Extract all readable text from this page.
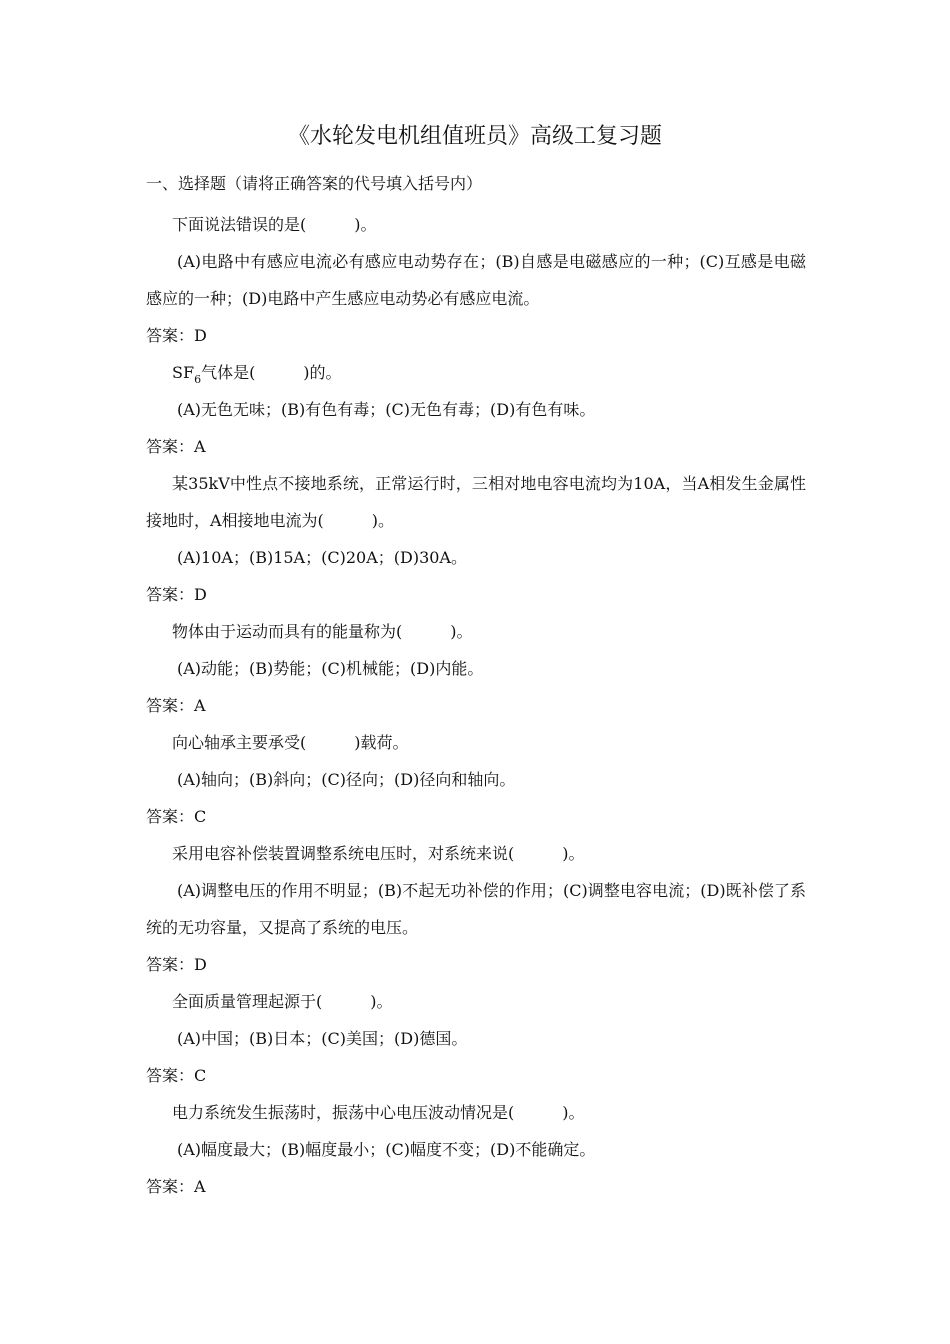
《水轮发电机组值班员》高级工复习题
一、选择题（请将正确答案的代号填入括号内）

下面说法错误的是(　　　)。

(A)电路中有感应电流必有感应电动势存在；(B)自感是电磁感应的一种；(C)互感是电磁感应的一种；(D)电路中产生感应电动势必有感应电流。

答案：D

$SF_6$气体是(　　　)的。

(A)无色无味；(B)有色有毒；(C)无色有毒；(D)有色有味。

答案：A

某35kV中性点不接地系统，正常运行时，三相对地电容电流均为10A，当A相发生金属性接地时，A相接地电流为(　　　)。

(A)10A；(B)15A；(C)20A；(D)30A。

答案：D

物体由于运动而具有的能量称为(　　　)。

(A)动能；(B)势能；(C)机械能；(D)内能。

答案：A

向心轴承主要承受(　　　)载荷。

(A)轴向；(B)斜向；(C)径向；(D)径向和轴向。

答案：C

采用电容补偿装置调整系统电压时，对系统来说(　　　)。

(A)调整电压的作用不明显；(B)不起无功补偿的作用；(C)调整电容电流；(D)既补偿了系统的无功容量，又提高了系统的电压。

答案：D

全面质量管理起源于(　　　)。

(A)中国；(B)日本；(C)美国；(D)德国。

答案：C

电力系统发生振荡时，振荡中心电压波动情况是(　　　)。

(A)幅度最大；(B)幅度最小；(C)幅度不变；(D)不能确定。

答案：A
